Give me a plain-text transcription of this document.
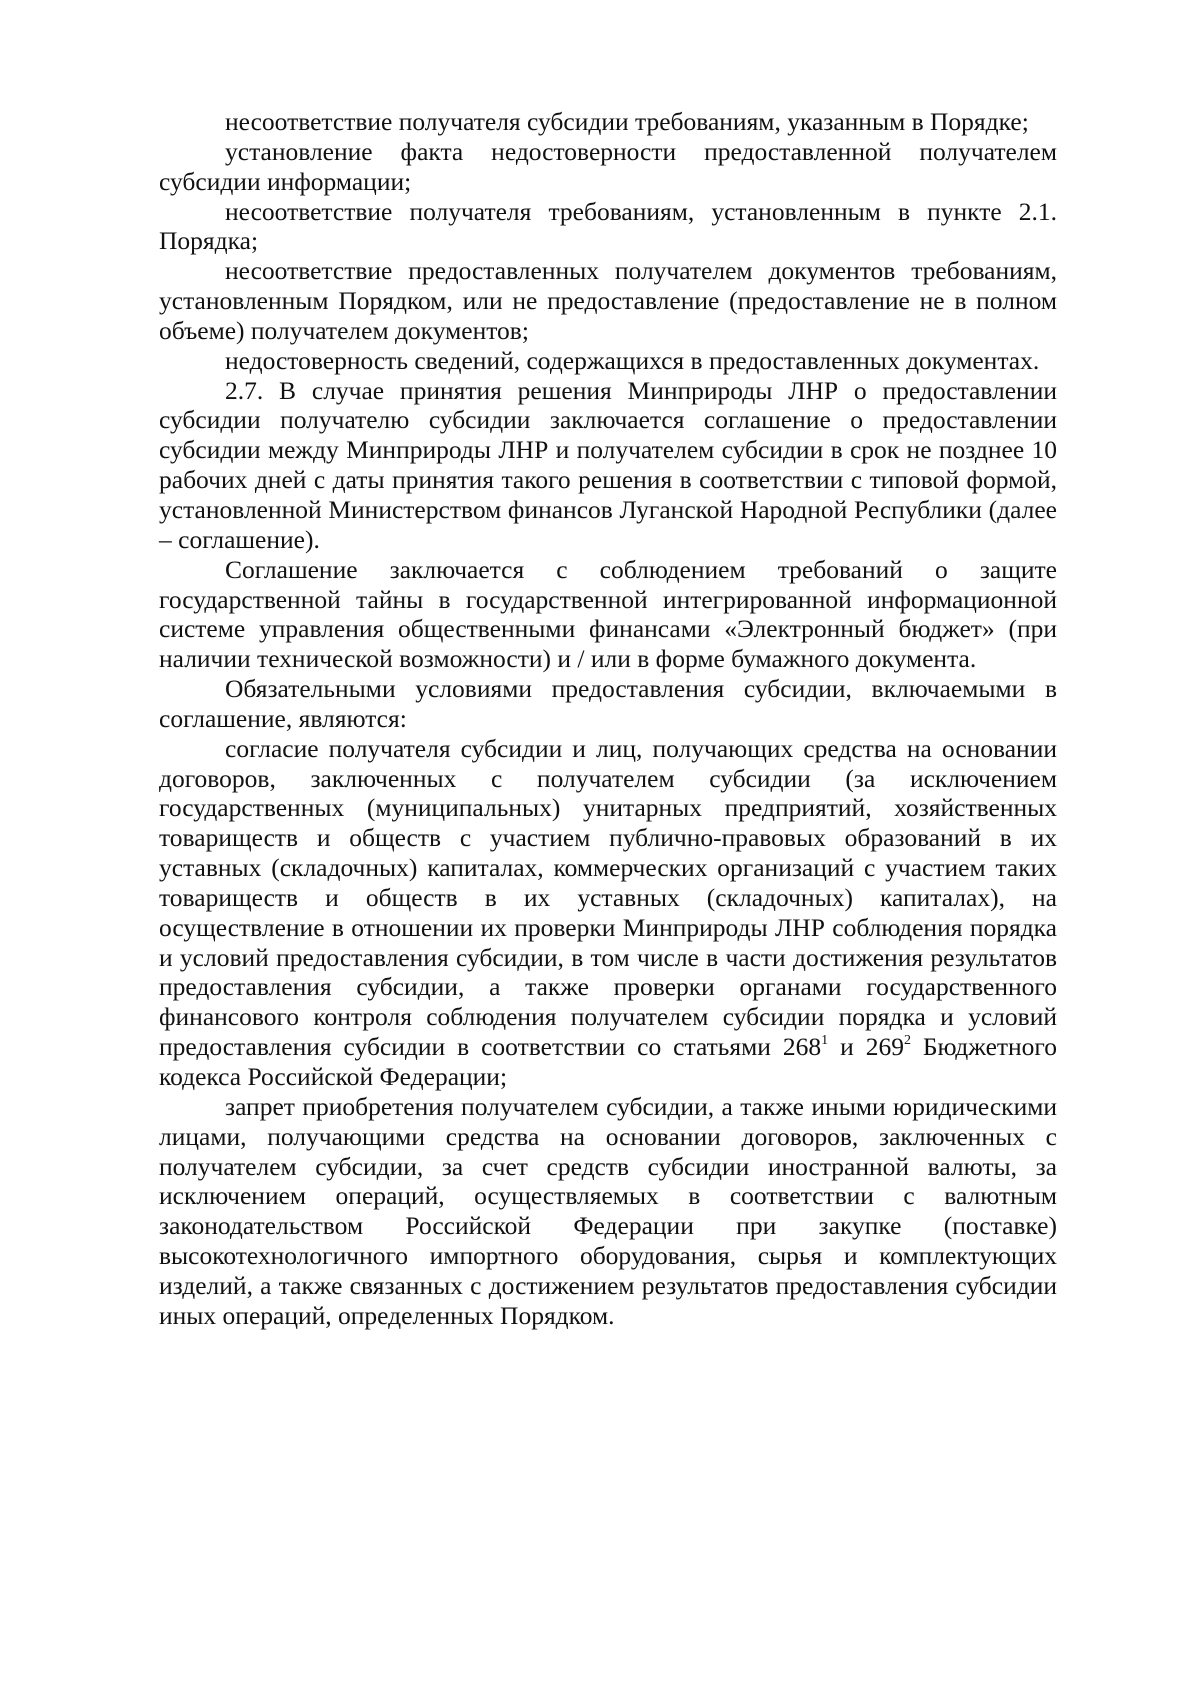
несоответствие получателя субсидии требованиям, указанным в Порядке;

установление факта недостоверности предоставленной получателем субсидии информации;

несоответствие получателя требованиям, установленным в пункте 2.1. Порядка;

несоответствие предоставленных получателем документов требованиям, установленным Порядком, или не предоставление (предоставление не в полном объеме) получателем документов;

недостоверность сведений, содержащихся в предоставленных документах.

2.7. В случае принятия решения Минприроды ЛНР о предоставлении субсидии получателю субсидии заключается соглашение о предоставлении субсидии между Минприроды ЛНР и получателем субсидии в срок не позднее 10 рабочих дней с даты принятия такого решения в соответствии с типовой формой, установленной Министерством финансов Луганской Народной Республики (далее – соглашение).

Соглашение заключается с соблюдением требований о защите государственной тайны в государственной интегрированной информационной системе управления общественными финансами «Электронный бюджет» (при наличии технической возможности) и / или в форме бумажного документа.

Обязательными условиями предоставления субсидии, включаемыми в соглашение, являются:

согласие получателя субсидии и лиц, получающих средства на основании договоров, заключенных с получателем субсидии (за исключением государственных (муниципальных) унитарных предприятий, хозяйственных товариществ и обществ с участием публично-правовых образований в их уставных (складочных) капиталах, коммерческих организаций с участием таких товариществ и обществ в их уставных (складочных) капиталах), на осуществление в отношении их проверки Минприроды ЛНР соблюдения порядка и условий предоставления субсидии, в том числе в части достижения результатов предоставления субсидии, а также проверки органами государственного финансового контроля соблюдения получателем субсидии порядка и условий предоставления субсидии в соответствии со статьями $268^1$ и $269^2$ Бюджетного кодекса Российской Федерации;

запрет приобретения получателем субсидии, а также иными юридическими лицами, получающими средства на основании договоров, заключенных с получателем субсидии, за счет средств субсидии иностранной валюты, за исключением операций, осуществляемых в соответствии с валютным законодательством Российской Федерации при закупке (поставке) высокотехнологичного импортного оборудования, сырья и комплектующих изделий, а также связанных с достижением результатов предоставления субсидии иных операций, определенных Порядком.
